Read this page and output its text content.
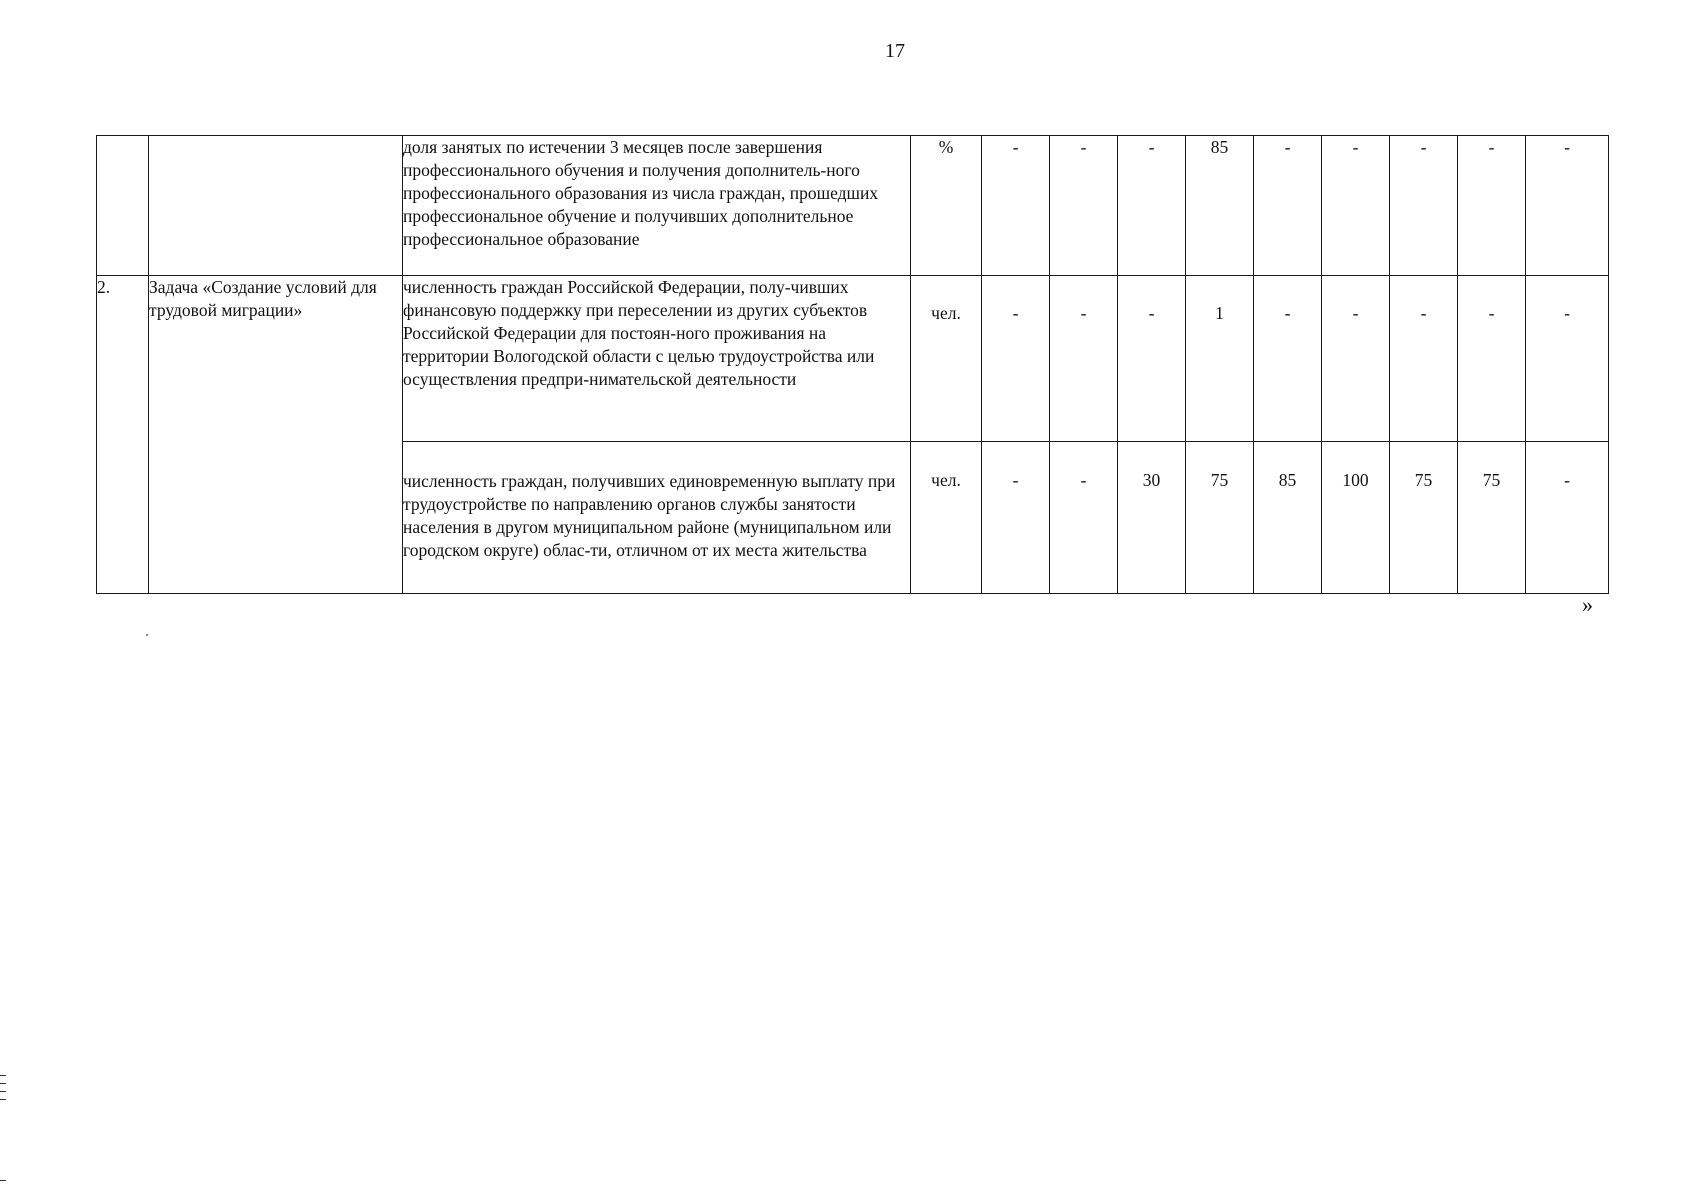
17
		доля занятых по истечении 3 месяцев после завершения профессионального обучения и получения дополнитель-ного профессионального образования из числа граждан, прошедших профессиональное обучение и получивших дополнительное профессиональное образование	%	-	-	-	85	-	-	-	-	-
2.	Задача «Создание условий для трудовой миграции»	численность граждан Российской Федерации, полу-чивших финансовую поддержку при переселении из других субъектов Российской Федерации для постоян-ного проживания на территории Вологодской области с целью трудоустройства или осуществления предпри-нимательской деятельности	чел.	-	-	-	1	-	-	-	-	-
		численность граждан, получивших единовременную выплату при трудоустройстве по направлению органов службы занятости населения в другом муниципальном районе (муниципальном или городском округе) облас-ти, отличном от их места жительства	чел.	-	-	30	75	85	100	75	75	-
»
